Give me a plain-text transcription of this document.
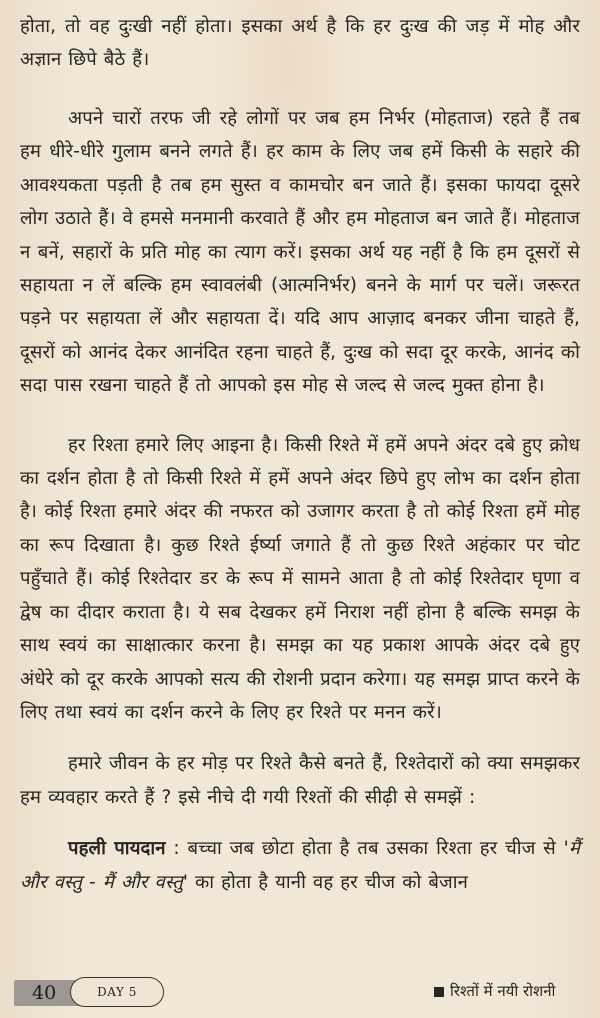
होता, तो वह दुःखी नहीं होता। इसका अर्थ है कि हर दुःख की जड़ में मोह और अज्ञान छिपे बैठे हैं।

अपने चारों तरफ जी रहे लोगों पर जब हम निर्भर (मोहताज) रहते हैं तब हम धीरे-धीरे गुलाम बनने लगते हैं। हर काम के लिए जब हमें किसी के सहारे की आवश्यकता पड़ती है तब हम सुस्त व कामचोर बन जाते हैं। इसका फायदा दूसरे लोग उठाते हैं। वे हमसे मनमानी करवाते हैं और हम मोहताज बन जाते हैं। मोहताज न बनें, सहारों के प्रति मोह का त्याग करें। इसका अर्थ यह नहीं है कि हम दूसरों से सहायता न लें बल्कि हम स्वावलंबी (आत्मनिर्भर) बनने के मार्ग पर चलें। जरूरत पड़ने पर सहायता लें और सहायता दें। यदि आप आज़ाद बनकर जीना चाहते हैं, दूसरों को आनंद देकर आनंदित रहना चाहते हैं, दुःख को सदा दूर करके, आनंद को सदा पास रखना चाहते हैं तो आपको इस मोह से जल्द से जल्द मुक्त होना है।

हर रिश्ता हमारे लिए आइना है। किसी रिश्ते में हमें अपने अंदर दबे हुए क्रोध का दर्शन होता है तो किसी रिश्ते में हमें अपने अंदर छिपे हुए लोभ का दर्शन होता है। कोई रिश्ता हमारे अंदर की नफरत को उजागर करता है तो कोई रिश्ता हमें मोह का रूप दिखाता है। कुछ रिश्ते ईर्ष्या जगाते हैं तो कुछ रिश्ते अहंकार पर चोट पहुँचाते हैं। कोई रिश्तेदार डर के रूप में सामने आता है तो कोई रिश्तेदार घृणा व द्वेष का दीदार कराता है। ये सब देखकर हमें निराश नहीं होना है बल्कि समझ के साथ स्वयं का साक्षात्कार करना है। समझ का यह प्रकाश आपके अंदर दबे हुए अंधेरे को दूर करके आपको सत्य की रोशनी प्रदान करेगा। यह समझ प्राप्त करने के लिए तथा स्वयं का दर्शन करने के लिए हर रिश्ते पर मनन करें।

हमारे जीवन के हर मोड़ पर रिश्ते कैसे बनते हैं, रिश्तेदारों को क्या समझकर हम व्यवहार करते हैं ? इसे नीचे दी गयी रिश्तों की सीढ़ी से समझें :

पहली पायदान : बच्चा जब छोटा होता है तब उसका रिश्ता हर चीज से 'मैं और वस्तु - मैं और वस्तु' का होता है यानी वह हर चीज को बेजान

40	DAY 5	रिश्तों में नयी रोशनी
